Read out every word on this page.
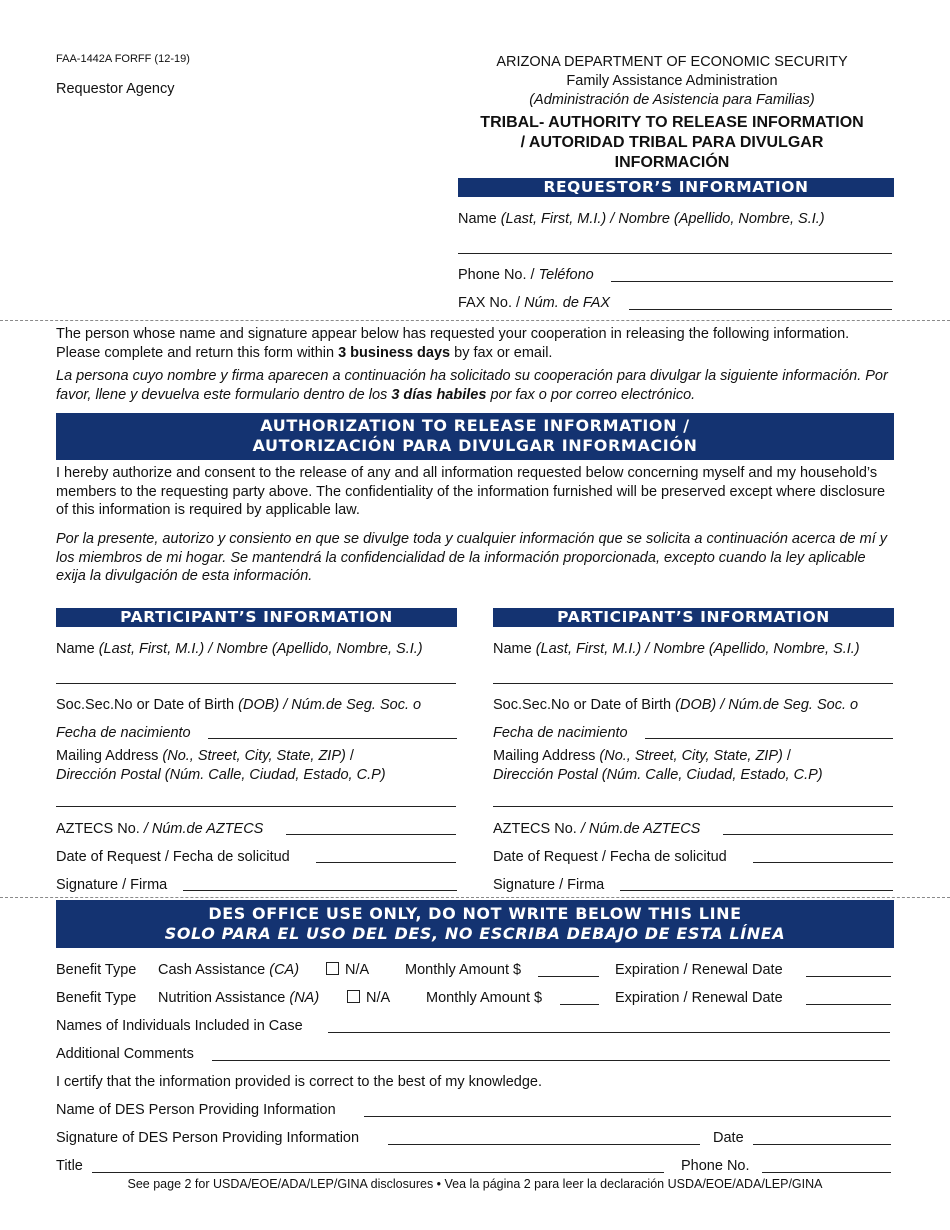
FAA-1442A FORFF (12-19)
Requestor Agency
ARIZONA DEPARTMENT OF ECONOMIC SECURITY
Family Assistance Administration
(Administración de Asistencia para Familias)
TRIBAL- AUTHORITY TO RELEASE INFORMATION
/ AUTORIDAD TRIBAL PARA DIVULGAR
INFORMACIÓN
REQUESTOR’S INFORMATION
Name (Last, First, M.I.) / Nombre (Apellido, Nombre, S.I.)
Phone No. / Teléfono
FAX No. / Núm. de FAX
The person whose name and signature appear below has requested your cooperation in releasing the following information. Please complete and return this form within 3 business days by fax or email.
La persona cuyo nombre y firma aparecen a continuación ha solicitado su cooperación para divulgar la siguiente información. Por favor, llene y devuelva este formulario dentro de los 3 días habiles por fax o por correo electrónico.
AUTHORIZATION TO RELEASE INFORMATION /
AUTORIZACIÓN PARA DIVULGAR INFORMACIÓN
I hereby authorize and consent to the release of any and all information requested below concerning myself and my household’s members to the requesting party above. The confidentiality of the information furnished will be preserved except where disclosure of this information is required by applicable law.
Por la presente, autorizo y consiento en que se divulge toda y cualquier información que se solicita a continuación acerca de mí y los miembros de mi hogar. Se mantendrá la confidencialidad de la información proporcionada, excepto cuando la ley aplicable exija la divulgación de esta información.
PARTICIPANT’S INFORMATION
Name (Last, First, M.I.) / Nombre (Apellido, Nombre, S.I.)
Soc.Sec.No or Date of Birth (DOB) / Núm.de Seg. Soc. o
Fecha de nacimiento
Mailing Address (No., Street, City, State, ZIP) /
Dirección Postal (Núm. Calle, Ciudad, Estado, C.P)
AZTECS No. / Núm.de AZTECS
Date of Request / Fecha de solicitud
Signature / Firma
PARTICIPANT’S INFORMATION
Name (Last, First, M.I.) / Nombre (Apellido, Nombre, S.I.)
Soc.Sec.No or Date of Birth (DOB) / Núm.de Seg. Soc. o
Fecha de nacimiento
Mailing Address (No., Street, City, State, ZIP) /
Dirección Postal (Núm. Calle, Ciudad, Estado, C.P)
AZTECS No. / Núm.de AZTECS
Date of Request / Fecha de solicitud
Signature / Firma
DES OFFICE USE ONLY, DO NOT WRITE BELOW THIS LINE
SOLO PARA EL USO DEL DES, NO ESCRIBA DEBAJO DE ESTA LÍNEA
Benefit Type Cash Assistance (CA)	N/A Monthly Amount $	Expiration / Renewal Date
Benefit Type Nutrition Assistance (NA)	N/A Monthly Amount $	Expiration / Renewal Date
Names of Individuals Included in Case
Additional Comments
I certify that the information provided is correct to the best of my knowledge.
Name of DES Person Providing Information
Signature of DES Person Providing Information	Date
Title	Phone No.
See page 2 for USDA/EOE/ADA/LEP/GINA disclosures • Vea la página 2 para leer la declaración USDA/EOE/ADA/LEP/GINA
